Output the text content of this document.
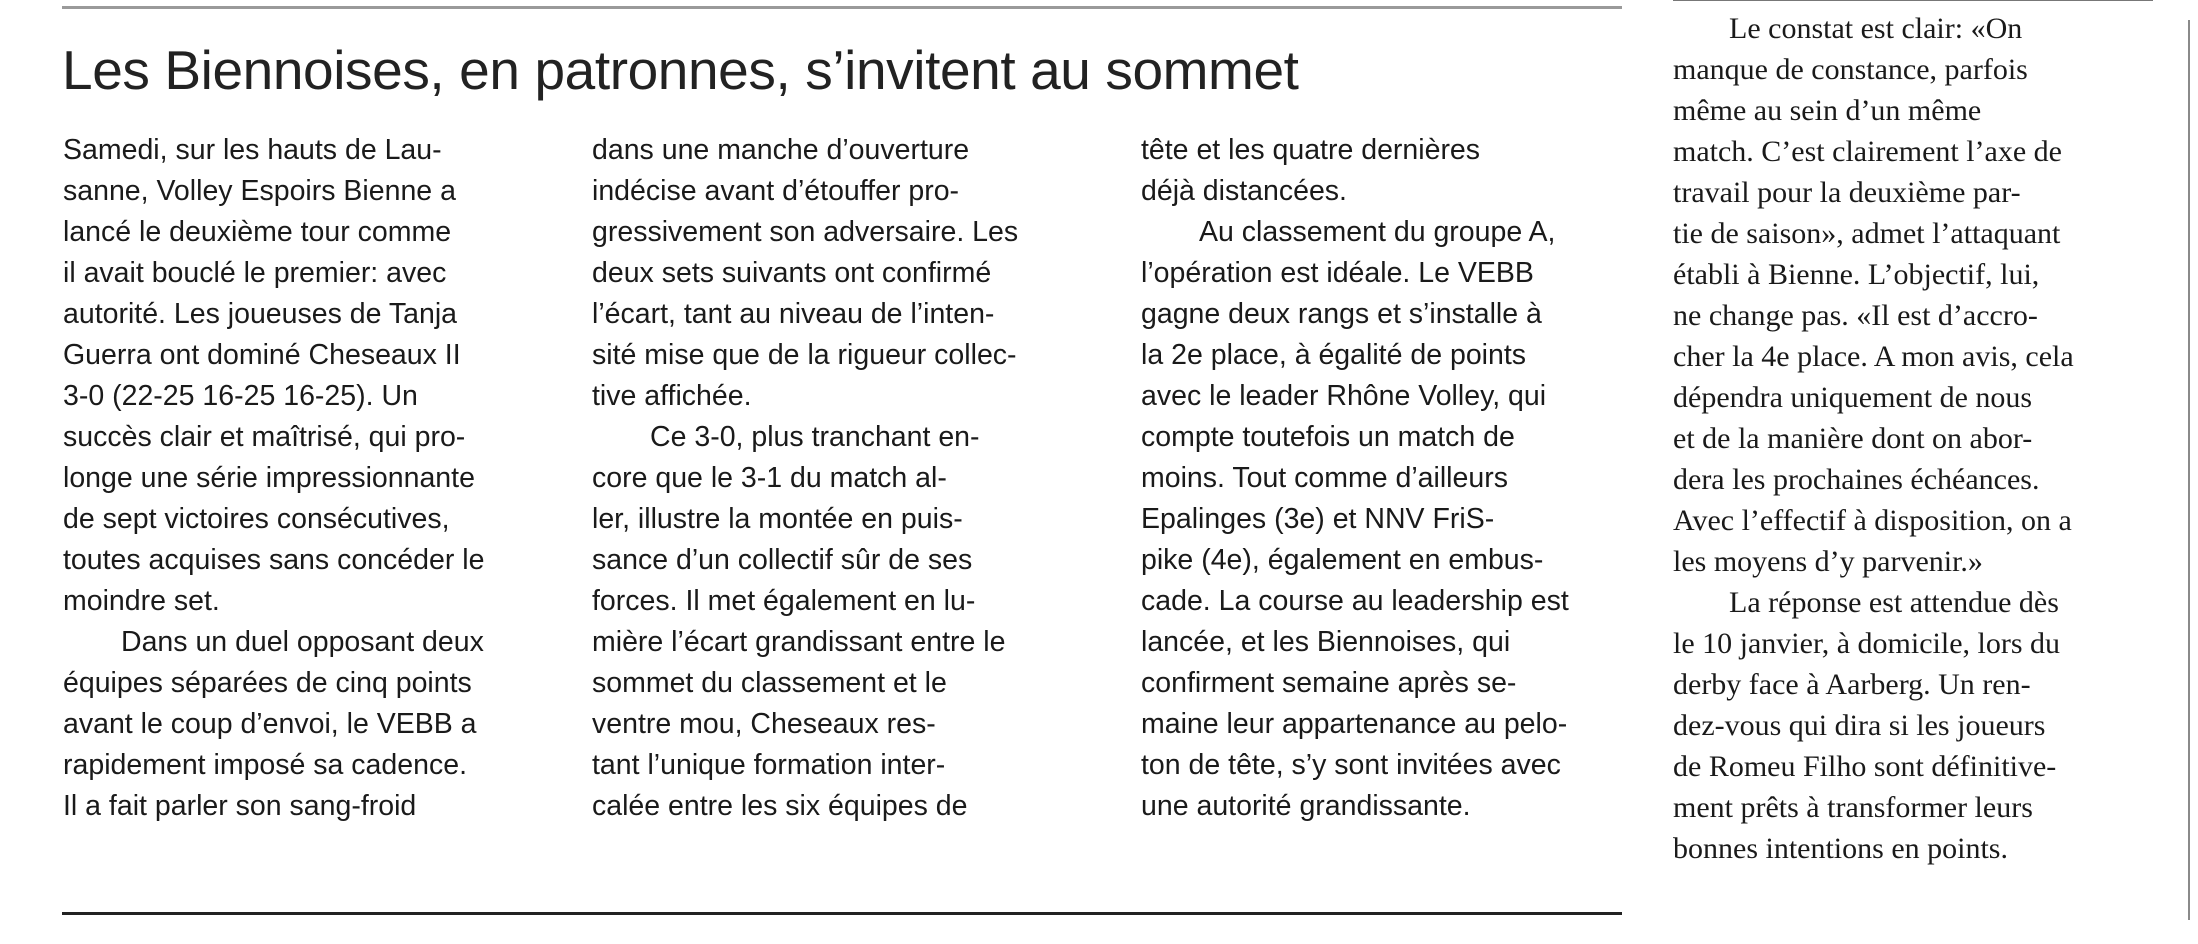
Les Biennoises, en patronnes, s’invitent au sommet
Samedi, sur les hauts de Lau-
sanne, Volley Espoirs Bienne a
lancé le deuxième tour comme
il avait bouclé le premier: avec
autorité. Les joueuses de Tanja
Guerra ont dominé Cheseaux II
3-0 (22-25 16-25 16-25). Un
succès clair et maîtrisé, qui pro-
longe une série impressionnante
de sept victoires consécutives,
toutes acquises sans concéder le
moindre set.
Dans un duel opposant deux
équipes séparées de cinq points
avant le coup d’envoi, le VEBB a
rapidement imposé sa cadence.
Il a fait parler son sang-froid
dans une manche d’ouverture
indécise avant d’étouffer pro-
gressivement son adversaire. Les
deux sets suivants ont confirmé
l’écart, tant au niveau de l’inten-
sité mise que de la rigueur collec-
tive affichée.
Ce 3-0, plus tranchant en-
core que le 3-1 du match al-
ler, illustre la montée en puis-
sance d’un collectif sûr de ses
forces. Il met également en lu-
mière l’écart grandissant entre le
sommet du classement et le
ventre mou, Cheseaux res-
tant l’unique formation inter-
calée entre les six équipes de
tête et les quatre dernières
déjà distancées.
Au classement du groupe A,
l’opération est idéale. Le VEBB
gagne deux rangs et s’installe à
la 2e place, à égalité de points
avec le leader Rhône Volley, qui
compte toutefois un match de
moins. Tout comme d’ailleurs
Epalinges (3e) et NNV FriS-
pike (4e), également en embus-
cade. La course au leadership est
lancée, et les Biennoises, qui
confirment semaine après se-
maine leur appartenance au pelo-
ton de tête, s’y sont invitées avec
une autorité grandissante.
Le constat est clair: «On
manque de constance, parfois
même au sein d’un même
match. C’est clairement l’axe de
travail pour la deuxième par-
tie de saison», admet l’attaquant
établi à Bienne. L’objectif, lui,
ne change pas. «Il est d’accro-
cher la 4e place. A mon avis, cela
dépendra uniquement de nous
et de la manière dont on abor-
dera les prochaines échéances.
Avec l’effectif à disposition, on a
les moyens d’y parvenir.»
La réponse est attendue dès
le 10 janvier, à domicile, lors du
derby face à Aarberg. Un ren-
dez-vous qui dira si les joueurs
de Romeu Filho sont définitive-
ment prêts à transformer leurs
bonnes intentions en points.
